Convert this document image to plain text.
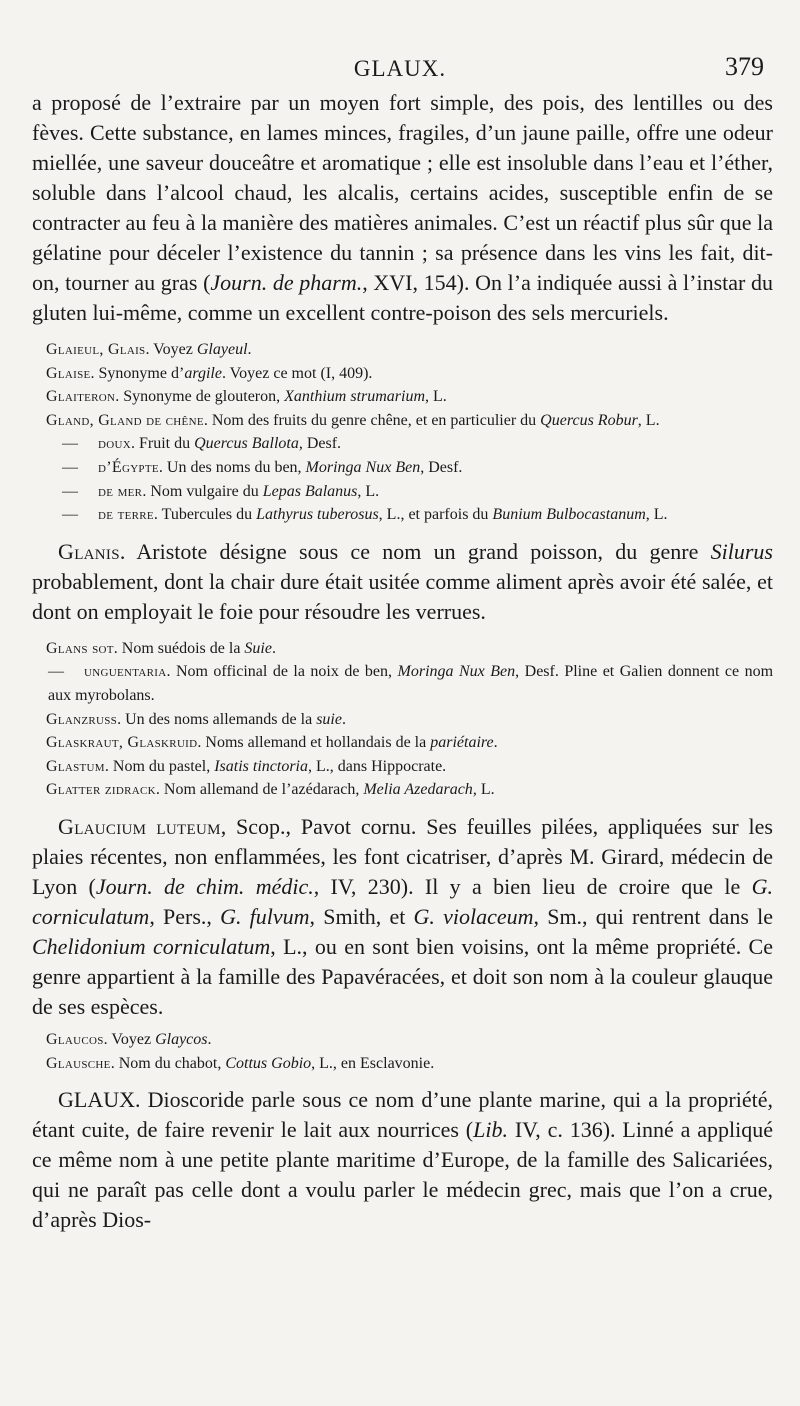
GLAUX.	379

a proposé de l’extraire par un moyen fort simple, des pois, des lentilles ou des fèves. Cette substance, en lames minces, fragiles, d’un jaune paille, offre une odeur miellée, une saveur douceâtre et aromatique ; elle est insoluble dans l’eau et l’éther, soluble dans l’alcool chaud, les alcalis, certains acides, susceptible enfin de se contracter au feu à la manière des matières animales. C’est un réactif plus sûr que la gélatine pour déceler l’existence du tannin ; sa présence dans les vins les fait, dit-on, tourner au gras (Journ. de pharm., XVI, 154). On l’a indiquée aussi à l’instar du gluten lui-même, comme un excellent contre-poison des sels mercuriels.

Glaieul, Glais. Voyez Glayeul.

Glaise. Synonyme d’argile. Voyez ce mot (I, 409).

Glaiteron. Synonyme de glouteron, Xanthium strumarium, L.

Gland, Gland de chêne. Nom des fruits du genre chêne, et en particulier du Quercus Robur, L.

— doux. Fruit du Quercus Ballota, Desf.

— d’Égypte. Un des noms du ben, Moringa Nux Ben, Desf.

— de mer. Nom vulgaire du Lepas Balanus, L.

— de terre. Tubercules du Lathyrus tuberosus, L., et parfois du Bunium Bulbocastanum, L.

Glanis. Aristote désigne sous ce nom un grand poisson, du genre Silurus probablement, dont la chair dure était usitée comme aliment après avoir été salée, et dont on employait le foie pour résoudre les verrues.

Glans sot. Nom suédois de la Suie.

— unguentaria. Nom officinal de la noix de ben, Moringa Nux Ben, Desf. Pline et Galien donnent ce nom aux myrobolans.

Glanzruss. Un des noms allemands de la suie.

Glaskraut, Glaskruid. Noms allemand et hollandais de la pariétaire.

Glastum. Nom du pastel, Isatis tinctoria, L., dans Hippocrate.

Glatter zidrack. Nom allemand de l’azédarach, Melia Azedarach, L.

Glaucium luteum, Scop., Pavot cornu. Ses feuilles pilées, appliquées sur les plaies récentes, non enflammées, les font cicatriser, d’après M. Girard, médecin de Lyon (Journ. de chim. médic., IV, 230). Il y a bien lieu de croire que le G. corniculatum, Pers., G. fulvum, Smith, et G. violaceum, Sm., qui rentrent dans le Chelidonium corniculatum, L., ou en sont bien voisins, ont la même propriété. Ce genre appartient à la famille des Papavéracées, et doit son nom à la couleur glauque de ses espèces.

Glaucos. Voyez Glaycos.

Glausche. Nom du chabot, Cottus Gobio, L., en Esclavonie.

GLAUX. Dioscoride parle sous ce nom d’une plante marine, qui a la propriété, étant cuite, de faire revenir le lait aux nourrices (Lib. IV, c. 136). Linné a appliqué ce même nom à une petite plante maritime d’Europe, de la famille des Salicariées, qui ne paraît pas celle dont a voulu parler le médecin grec, mais que l’on a crue, d’après Dios-
